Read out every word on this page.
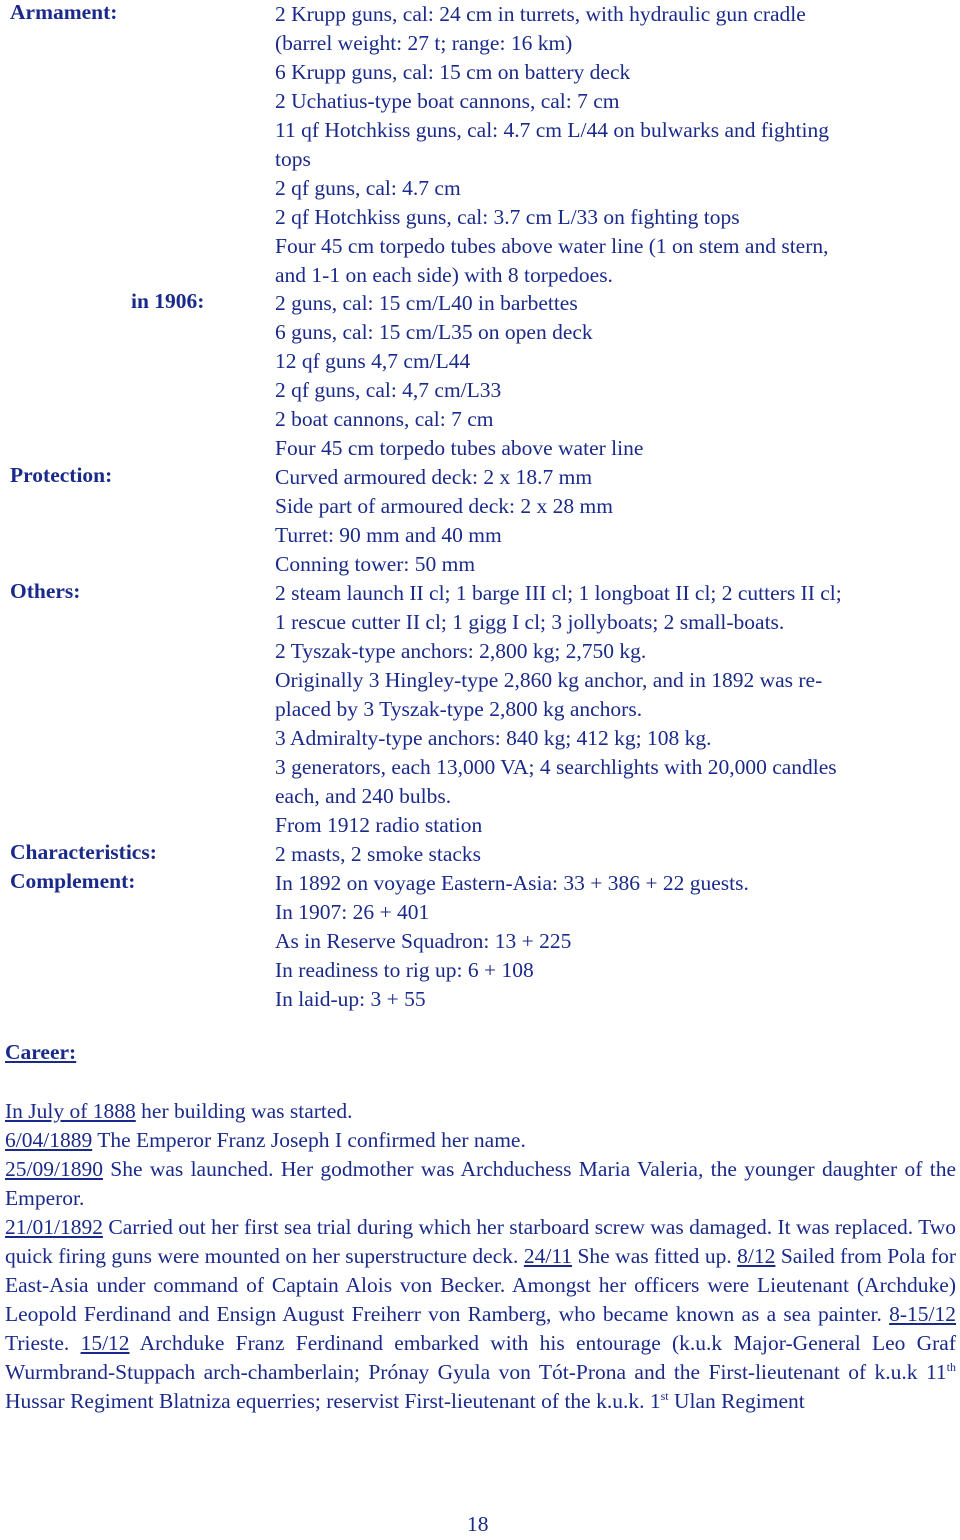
Armament:	2 Krupp guns, cal: 24 cm in turrets, with hydraulic gun cradle
(barrel weight: 27 t; range: 16 km)
6 Krupp guns, cal: 15 cm on battery deck
2 Uchatius-type boat cannons, cal: 7 cm
11 qf Hotchkiss guns, cal: 4.7 cm L/44 on bulwarks and fighting
tops
2 qf guns, cal: 4.7 cm
2 qf Hotchkiss guns, cal: 3.7 cm L/33 on fighting tops
Four 45 cm torpedo tubes above water line (1 on stem and stern,
and 1-1 on each side) with 8 torpedoes.
in 1906:	2 guns, cal: 15 cm/L40 in barbettes
6 guns, cal: 15 cm/L35 on open deck
12 qf guns 4,7 cm/L44
2 qf guns, cal: 4,7 cm/L33
2 boat cannons, cal: 7 cm
Four 45 cm torpedo tubes above water line
Protection:	Curved armoured deck: 2 x 18.7 mm
Side part of armoured deck: 2 x 28 mm
Turret: 90 mm and 40 mm
Conning tower: 50 mm
Others:	2 steam launch II cl; 1 barge III cl; 1 longboat II cl; 2 cutters II cl;
1 rescue cutter II cl; 1 gigg I cl; 3 jollyboats; 2 small-boats.
2 Tyszak-type anchors: 2,800 kg; 2,750 kg.
Originally 3 Hingley-type 2,860 kg anchor, and in 1892 was re-
placed by 3 Tyszak-type 2,800 kg anchors.
3 Admiralty-type anchors: 840 kg; 412 kg; 108 kg.
3 generators, each 13,000 VA; 4 searchlights with 20,000 candles
each, and 240 bulbs.
From 1912 radio station
Characteristics:	2 masts, 2 smoke stacks
Complement:	In 1892 on voyage Eastern-Asia: 33 + 386 + 22 guests.
In 1907: 26 + 401
As in Reserve Squadron: 13 + 225
In readiness to rig up: 6 + 108
In laid-up: 3 + 55
Career:

In July of 1888 her building was started.

6/04/1889 The Emperor Franz Joseph I confirmed her name.

25/09/1890 She was launched. Her godmother was Archduchess Maria Valeria, the younger daughter of the Emperor.

21/01/1892 Carried out her first sea trial during which her starboard screw was damaged. It was replaced. Two quick firing guns were mounted on her superstructure deck. 24/11 She was fitted up. 8/12 Sailed from Pola for East-Asia under command of Captain Alois von Becker. Amongst her officers were Lieutenant (Archduke) Leopold Ferdinand and Ensign August Freiherr von Ramberg, who became known as a sea painter. 8-15/12 Trieste. 15/12 Archduke Franz Ferdinand embarked with his entourage (k.u.k Major-General Leo Graf Wurmbrand-Stuppach arch-chamberlain; Prónay Gyula von Tót-Prona and the First-lieutenant of k.u.k 11th Hussar Regiment Blatniza equerries; reservist First-lieutenant of the k.u.k. 1st Ulan Regiment

18
